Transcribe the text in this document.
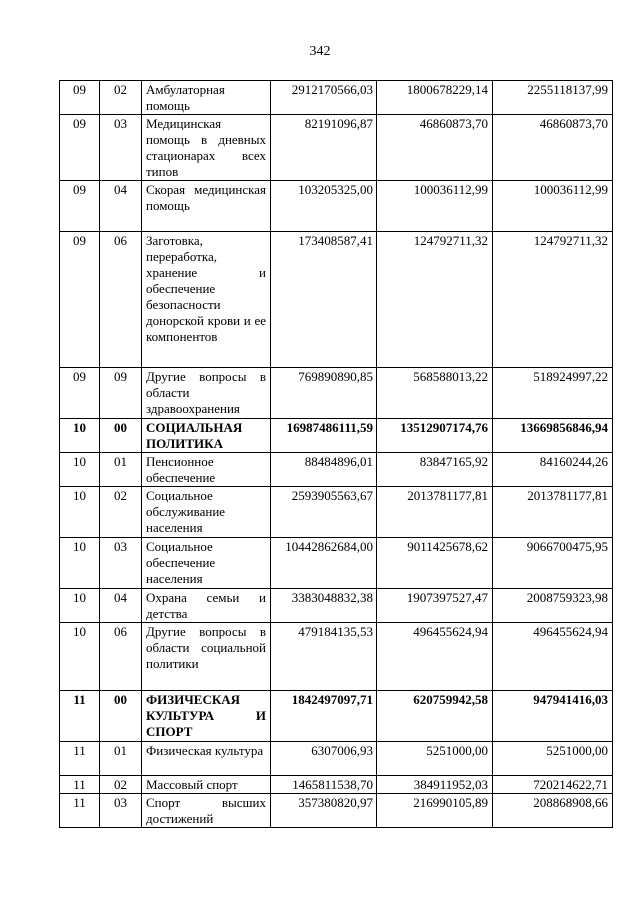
342
09	02	Амбулаторная помощь	2912170566,03	1800678229,14	2255118137,99
09	03	Медицинская помощь в дневных стационарах всех типов	82191096,87	46860873,70	46860873,70
09	04	Скорая медицинская помощь	103205325,00	100036112,99	100036112,99
09	06	Заготовка, переработка, хранение и обеспечение безопасности донорской крови и ее компонентов	173408587,41	124792711,32	124792711,32
09	09	Другие вопросы в области здравоохранения	769890890,85	568588013,22	518924997,22
10	00	СОЦИАЛЬНАЯ ПОЛИТИКА	16987486111,59	13512907174,76	13669856846,94
10	01	Пенсионное обеспечение	88484896,01	83847165,92	84160244,26
10	02	Социальное обслуживание населения	2593905563,67	2013781177,81	2013781177,81
10	03	Социальное обеспечение населения	10442862684,00	9011425678,62	9066700475,95
10	04	Охрана семьи и детства	3383048832,38	1907397527,47	2008759323,98
10	06	Другие вопросы в области социальной политики	479184135,53	496455624,94	496455624,94
11	00	ФИЗИЧЕСКАЯ КУЛЬТУРА И СПОРТ	1842497097,71	620759942,58	947941416,03
11	01	Физическая культура	6307006,93	5251000,00	5251000,00
11	02	Массовый спорт	1465811538,70	384911952,03	720214622,71
11	03	Спорт высших достижений	357380820,97	216990105,89	208868908,66
